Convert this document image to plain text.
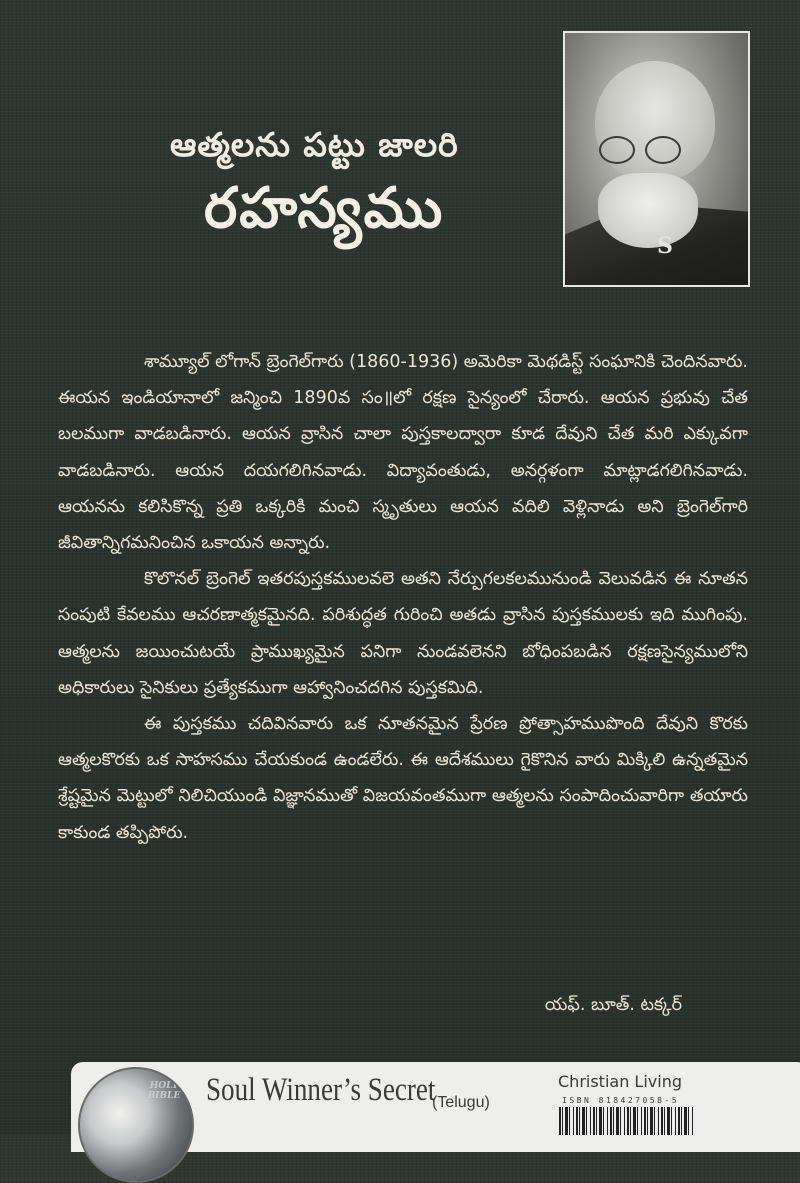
ఆత్మలను పట్టు జాలరి
రహస్యము
S

శామ్యూల్ లోగాన్ బ్రెంగెల్‌గారు (1860-1936) అమెరికా మెథడిస్ట్ సంఘానికి చెందినవారు. ఈయన ఇండియానాలో జన్మించి 1890వ సం॥లో రక్షణ సైన్యంలో చేరారు. ఆయన ప్రభువు చేత బలముగా వాడబడినారు. ఆయన వ్రాసిన చాలా పుస్తకాలద్వారా కూడ దేవుని చేత మరి ఎక్కువగా వాడబడినారు. ఆయన దయగలిగినవాడు. విద్యావంతుడు, అనర్గళంగా మాట్లాడగలిగినవాడు. ఆయనను కలిసికొన్న ప్రతి ఒక్కరికి మంచి స్మృతులు ఆయన వదిలి వెళ్లినాడు అని బ్రెంగెల్‌గారి జీవితాన్నిగమనించిన ఒకాయన అన్నారు.

కొలొనల్ బ్రెంగెల్ ఇతరపుస్తకములవలె అతని నేర్పుగలకలమునుండి వెలువడిన ఈ నూతన సంపుటి కేవలము ఆచరణాత్మకమైనది. పరిశుద్ధత గురించి అతడు వ్రాసిన పుస్తకములకు ఇది ముగింపు. ఆత్మలను జయించుటయే ప్రాముఖ్యమైన పనిగా నుండవలెనని బోధింపబడిన రక్షణసైన్యములోని అధికారులు సైనికులు ప్రత్యేకముగా ఆహ్వానించదగిన పుస్తకమిది.

ఈ పుస్తకము చదివినవారు ఒక నూతనమైన ప్రేరణ ప్రోత్సాహముపొంది దేవుని కొరకు ఆత్మలకొరకు ఒక సాహసము చేయకుండ ఉండలేరు. ఈ ఆదేశములు గైకొనిన వారు మిక్కిలి ఉన్నతమైన శ్రేష్టమైన మెట్టులో నిలిచియుండి విజ్ఞానముతో విజయవంతముగా ఆత్మలను సంపాదించువారిగా తయారు కాకుండ తప్పిపోరు.

యఫ్. బూత్. టక్కర్
HOLY BIBLE Soul Winner’s Secret
(Telugu)
Christian Living
ISBN 818427058-5
